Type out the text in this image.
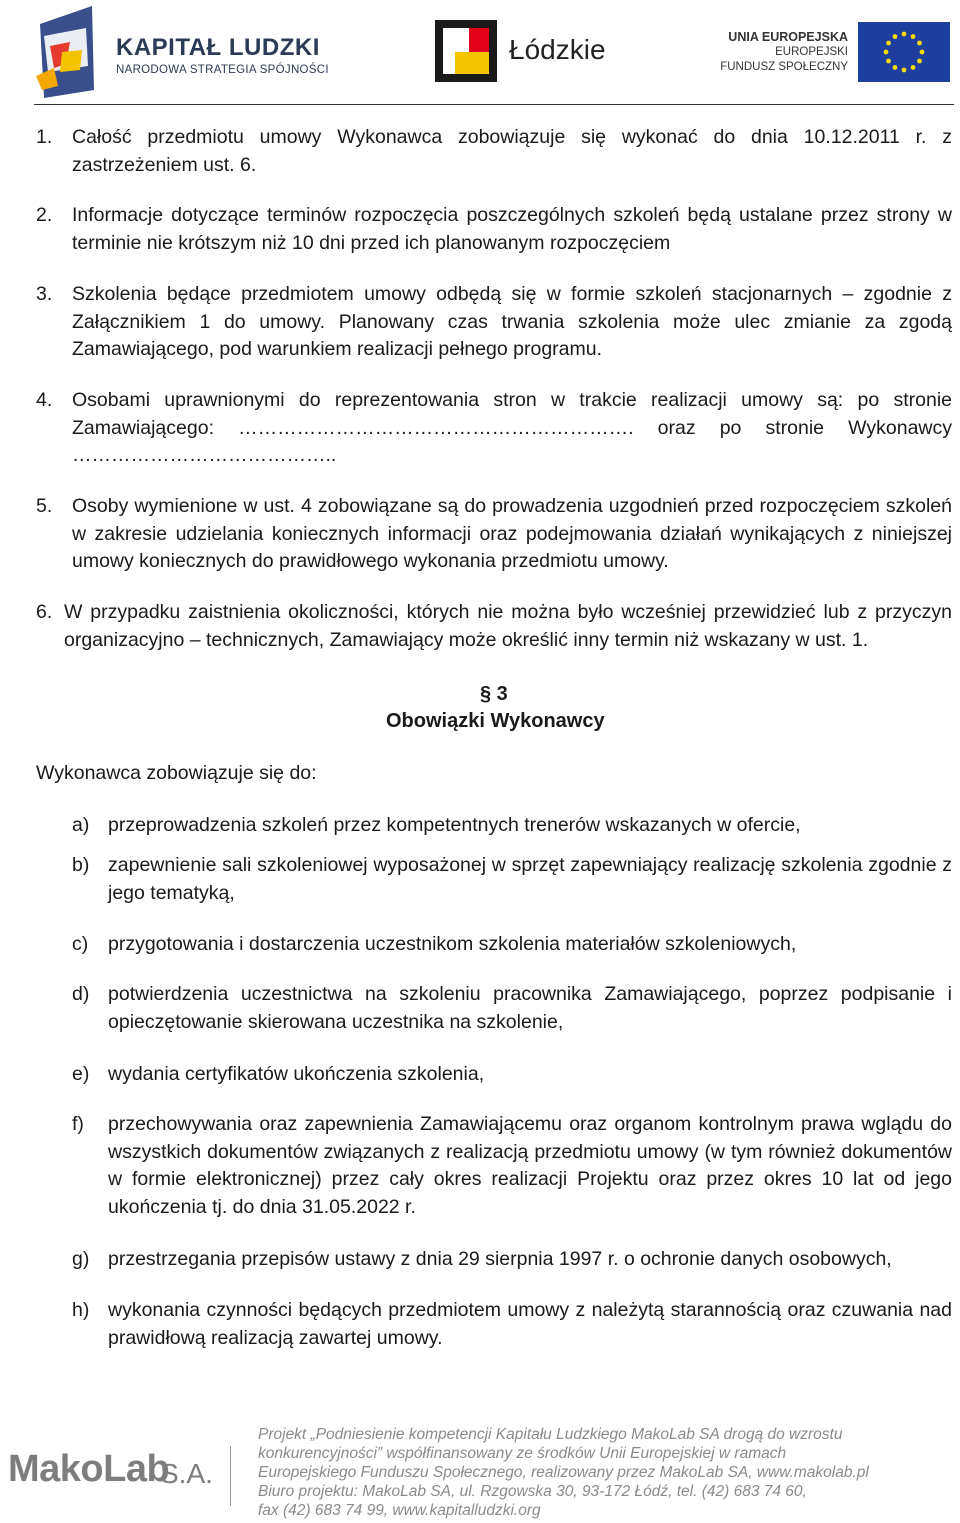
KAPITAŁ LUDZKI
NARODOWA STRATEGIA SPÓJNOŚCI
Łódzkie	UNIA EUROPEJSKA
EUROPEJSKI
FUNDUSZ SPOŁECZNY
1. Całość przedmiotu umowy Wykonawca zobowiązuje się wykonać do dnia 10.12.2011 r. z zastrzeżeniem ust. 6.
2. Informacje dotyczące terminów rozpoczęcia poszczególnych szkoleń będą ustalane przez strony w terminie nie krótszym niż 10 dni przed ich planowanym rozpoczęciem
3. Szkolenia będące przedmiotem umowy odbędą się w formie szkoleń stacjonarnych – zgodnie z Załącznikiem 1 do umowy. Planowany czas trwania szkolenia może ulec zmianie za zgodą Zamawiającego, pod warunkiem realizacji pełnego programu.
4. Osobami uprawnionymi do reprezentowania stron w trakcie realizacji umowy są: po stronie Zamawiającego: ……………………………………………………. oraz po stronie Wykonawcy …………………………………..
5. Osoby wymienione w ust. 4 zobowiązane są do prowadzenia uzgodnień przed rozpoczęciem szkoleń w zakresie udzielania koniecznych informacji oraz podejmowania działań wynikających z niniejszej umowy koniecznych do prawidłowego wykonania przedmiotu umowy.
6. W przypadku zaistnienia okoliczności, których nie można było wcześniej przewidzieć lub z przyczyn organizacyjno – technicznych, Zamawiający może określić inny termin niż wskazany w ust. 1.
§ 3
Obowiązki Wykonawcy
Wykonawca zobowiązuje się do:
a) przeprowadzenia szkoleń przez kompetentnych trenerów wskazanych w ofercie,
b) zapewnienie sali szkoleniowej wyposażonej w sprzęt zapewniający realizację szkolenia zgodnie z jego tematyką,
c) przygotowania i dostarczenia uczestnikom szkolenia materiałów szkoleniowych,
d) potwierdzenia uczestnictwa na szkoleniu pracownika Zamawiającego, poprzez podpisanie i opieczętowanie skierowana uczestnika na szkolenie,
e) wydania certyfikatów ukończenia szkolenia,
f) przechowywania oraz zapewnienia Zamawiającemu oraz organom kontrolnym prawa wglądu do wszystkich dokumentów związanych z realizacją przedmiotu umowy (w tym również dokumentów w formie elektronicznej) przez cały okres realizacji Projektu oraz przez okres 10 lat od jego ukończenia tj. do dnia 31.05.2022 r.
g) przestrzegania przepisów ustawy z dnia 29 sierpnia 1997 r. o ochronie danych osobowych,
h) wykonania czynności będących przedmiotem umowy z należytą starannością oraz czuwania nad prawidłową realizacją zawartej umowy.
MakoLab
S.A.
Projekt „Podniesienie kompetencji Kapitału Ludzkiego MakoLab SA drogą do wzrostu
konkurencyjności” współfinansowany ze środków Unii Europejskiej w ramach
Europejskiego Funduszu Społecznego, realizowany przez MakoLab SA, www.makolab.pl
Biuro projektu: MakoLab SA, ul. Rzgowska 30, 93-172 Łódź, tel. (42) 683 74 60,
fax (42) 683 74 99, www.kapitalludzki.org
